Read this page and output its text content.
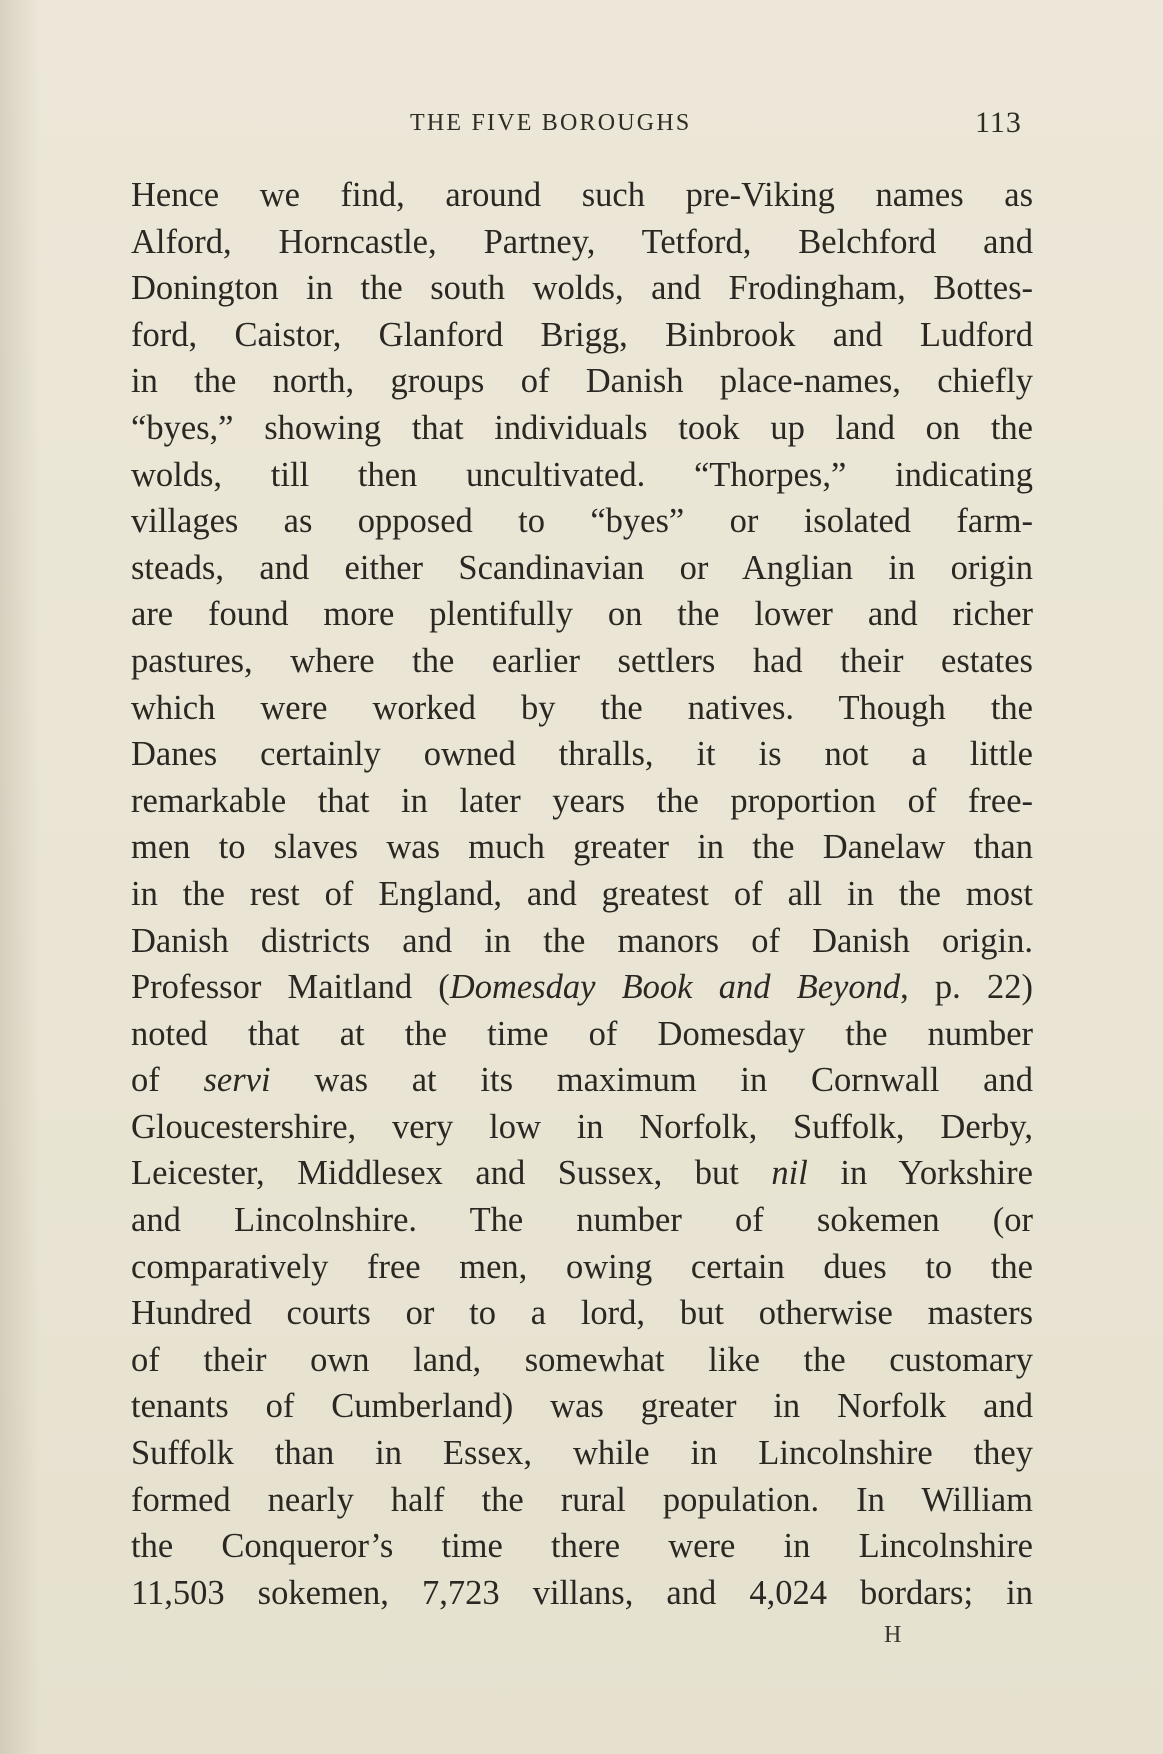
THE FIVE BOROUGHS	113
Hence we find, around such pre-Viking names as
Alford, Horncastle, Partney, Tetford, Belchford and
Donington in the south wolds, and Frodingham, Bottes-
ford, Caistor, Glanford Brigg, Binbrook and Ludford
in the north, groups of Danish place-names, chiefly
“byes,” showing that individuals took up land on the
wolds, till then uncultivated. “Thorpes,” indicating
villages as opposed to “byes” or isolated farm-
steads, and either Scandinavian or Anglian in origin
are found more plentifully on the lower and richer
pastures, where the earlier settlers had their estates
which were worked by the natives. Though the
Danes certainly owned thralls, it is not a little
remarkable that in later years the proportion of free-
men to slaves was much greater in the Danelaw than
in the rest of England, and greatest of all in the most
Danish districts and in the manors of Danish origin.
Professor Maitland (Domesday Book and Beyond, p. 22)
noted that at the time of Domesday the number
of servi was at its maximum in Cornwall and
Gloucestershire, very low in Norfolk, Suffolk, Derby,
Leicester, Middlesex and Sussex, but nil in Yorkshire
and Lincolnshire. The number of sokemen (or
comparatively free men, owing certain dues to the
Hundred courts or to a lord, but otherwise masters
of their own land, somewhat like the customary
tenants of Cumberland) was greater in Norfolk and
Suffolk than in Essex, while in Lincolnshire they
formed nearly half the rural population. In William
the Conqueror’s time there were in Lincolnshire
11,503 sokemen, 7,723 villans, and 4,024 bordars; in
H
